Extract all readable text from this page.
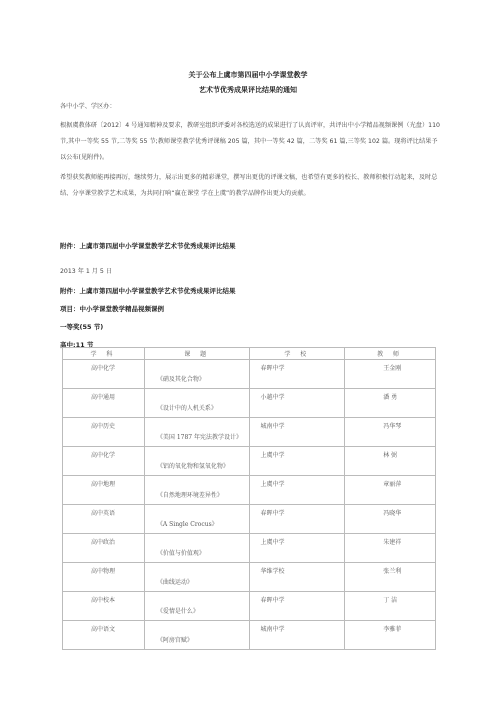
关于公布上虞市第四届中小学课堂教学
艺术节优秀成果评比结果的通知
各中小学、学区办：
根据虞教体研〔2012〕4 号通知精神及要求，教研室组织评委对各校选送的成果进行了认真评审，共评出中小学精品视频课例（光盘）110 节,其中一等奖 55 节,二等奖 55 节;教师课堂教学优秀评课稿 205 篇，其中一等奖 42 篇，二等奖 61 篇,三等奖 102 篇。现将评比结果予以公布(见附件)。
希望获奖教师能再接再厉，继续努力，展示出更多的精彩课堂，撰写出更优的评课文稿，也希望有更多的校长、教师积极行动起来，及时总结、分享课堂教学艺术成果，为共同打响“赢在课堂 学在上虞”的教学品牌作出更大的贡献。
附件：上虞市第四届中小学课堂教学艺术节优秀成果评比结果
2013 年 1 月 5 日
附件：上虞市第四届中小学课堂教学艺术节优秀成果评比结果
项目：中小学课堂教学精品视频课例
一等奖(55 节)
高中:11 节
学 科	课 题	学 校	教 师

高中化学	《硝及其化合物》	春晖中学	王金刚

高中通用	《设计中的人机关系》	小越中学	潘 勇

高中历史	《美国 1787 年宪法教学设计》	城南中学	冯华琴

高中化学	《铝的氧化物和氢氧化物》	上虞中学	林 弼

高中地理	《自然地理环境差异性》	上虞中学	章丽萍

高中英语	《A Single Crocus》	春晖中学	冯晓华

高中政治	《价值与价值观》	上虞中学	朱建祥

高中物理	《曲线运动》	华维学校	张兰利

高中校本	《爱情是什么》	春晖中学	丁 洁

高中语文	《阿房宫赋》	城南中学	李雅菲
